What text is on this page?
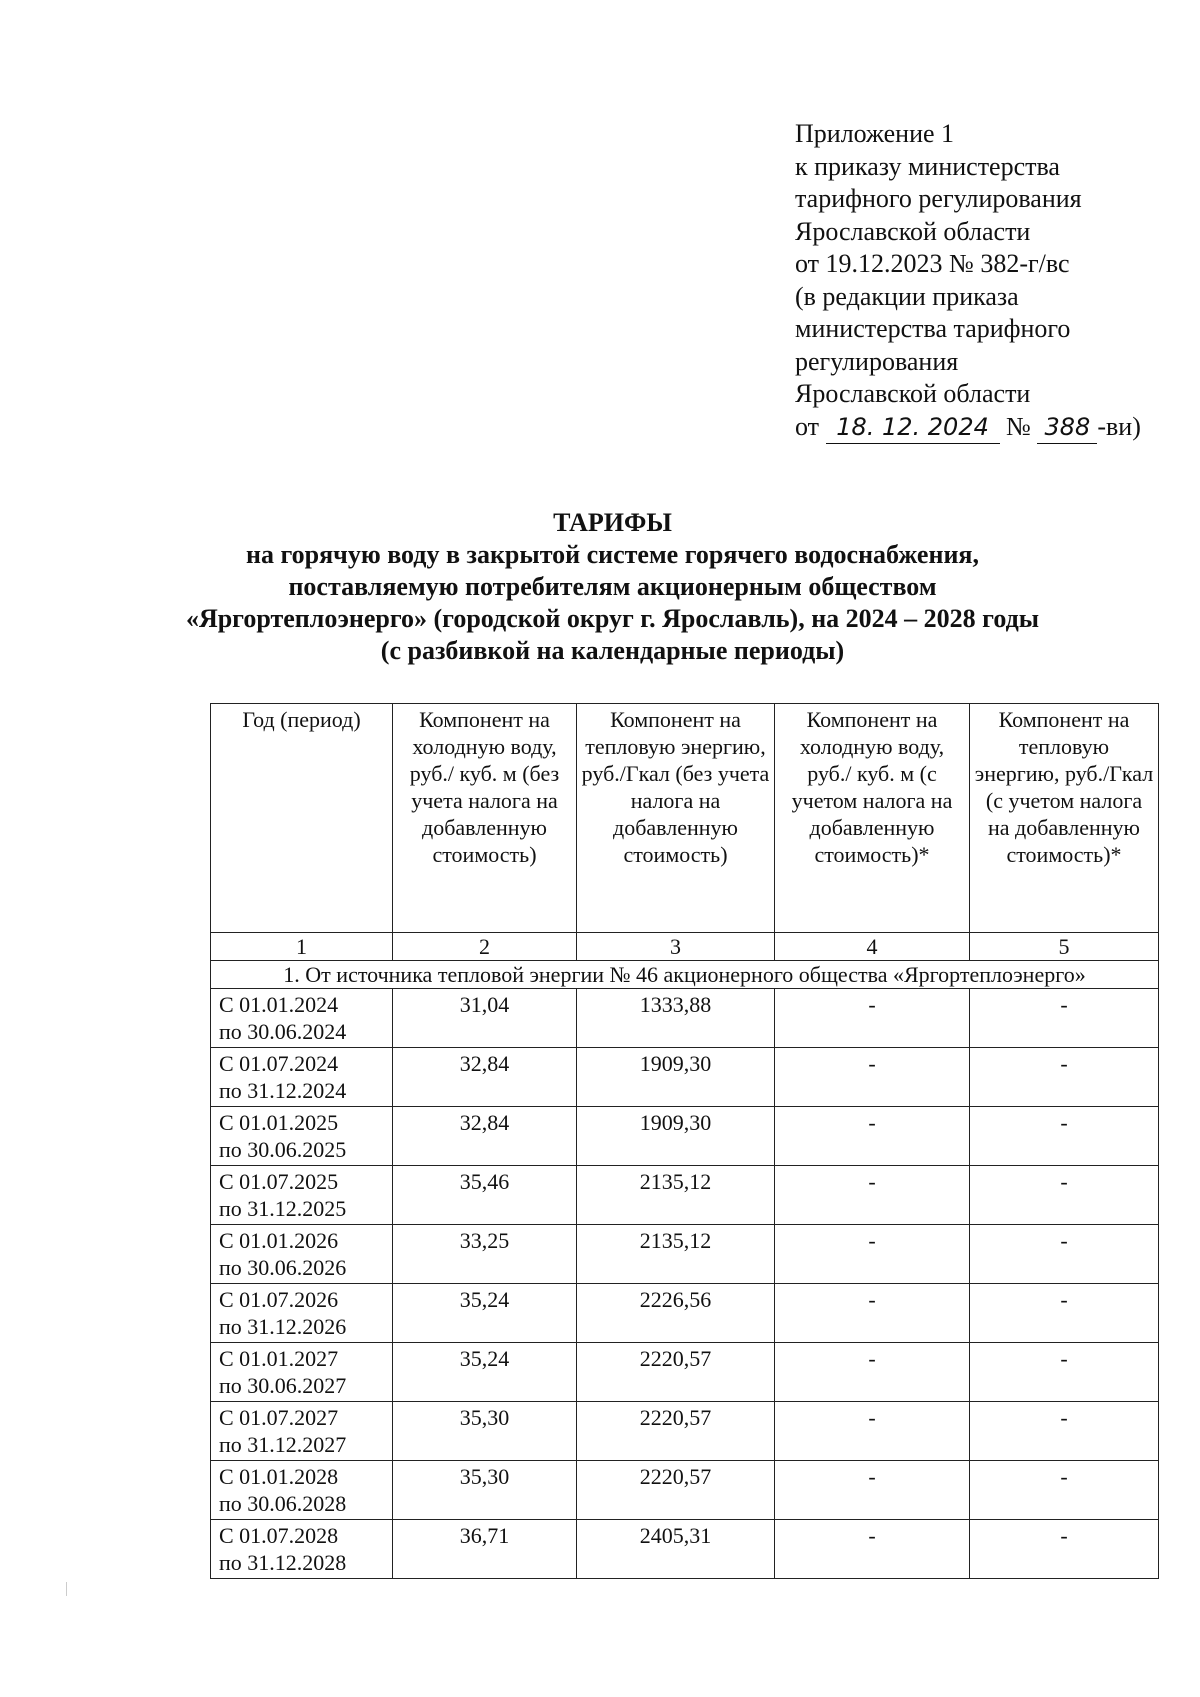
Приложение 1
к приказу министерства
тарифного регулирования
Ярославской области
от 19.12.2023 № 382-г/вс
(в редакции приказа
министерства тарифного
регулирования
Ярославской области
от 18. 12. 2024 № 388 -ви)
ТАРИФЫ
на горячую воду в закрытой системе горячего водоснабжения,
поставляемую потребителям акционерным обществом
«Яргортеплоэнерго» (городской округ г. Ярославль), на 2024 – 2028 годы
(с разбивкой на календарные периоды)
Год (период)	Компонент на холодную воду, руб./ куб. м (без учета налога на добавленную стоимость)	Компонент на тепловую энергию, руб./Гкал (без учета налога на добавленную стоимость)	Компонент на холодную воду, руб./ куб. м (с учетом налога на добавленную стоимость)*	Компонент на тепловую энергию, руб./Гкал (с учетом налога на добавленную стоимость)*
1	2	3	4	5
1. От источника тепловой энергии № 46 акционерного общества «Яргортеплоэнерго»				

С 01.01.2024
по 30.06.2024	31,04	1333,88	-	-

С 01.07.2024
по 31.12.2024	32,84	1909,30	-	-

С 01.01.2025
по 30.06.2025	32,84	1909,30	-	-

С 01.07.2025
по 31.12.2025	35,46	2135,12	-	-

С 01.01.2026
по 30.06.2026	33,25	2135,12	-	-

С 01.07.2026
по 31.12.2026	35,24	2226,56	-	-

С 01.01.2027
по 30.06.2027	35,24	2220,57	-	-

С 01.07.2027
по 31.12.2027	35,30	2220,57	-	-

С 01.01.2028
по 30.06.2028	35,30	2220,57	-	-

С 01.07.2028
по 31.12.2028	36,71	2405,31	-	-
